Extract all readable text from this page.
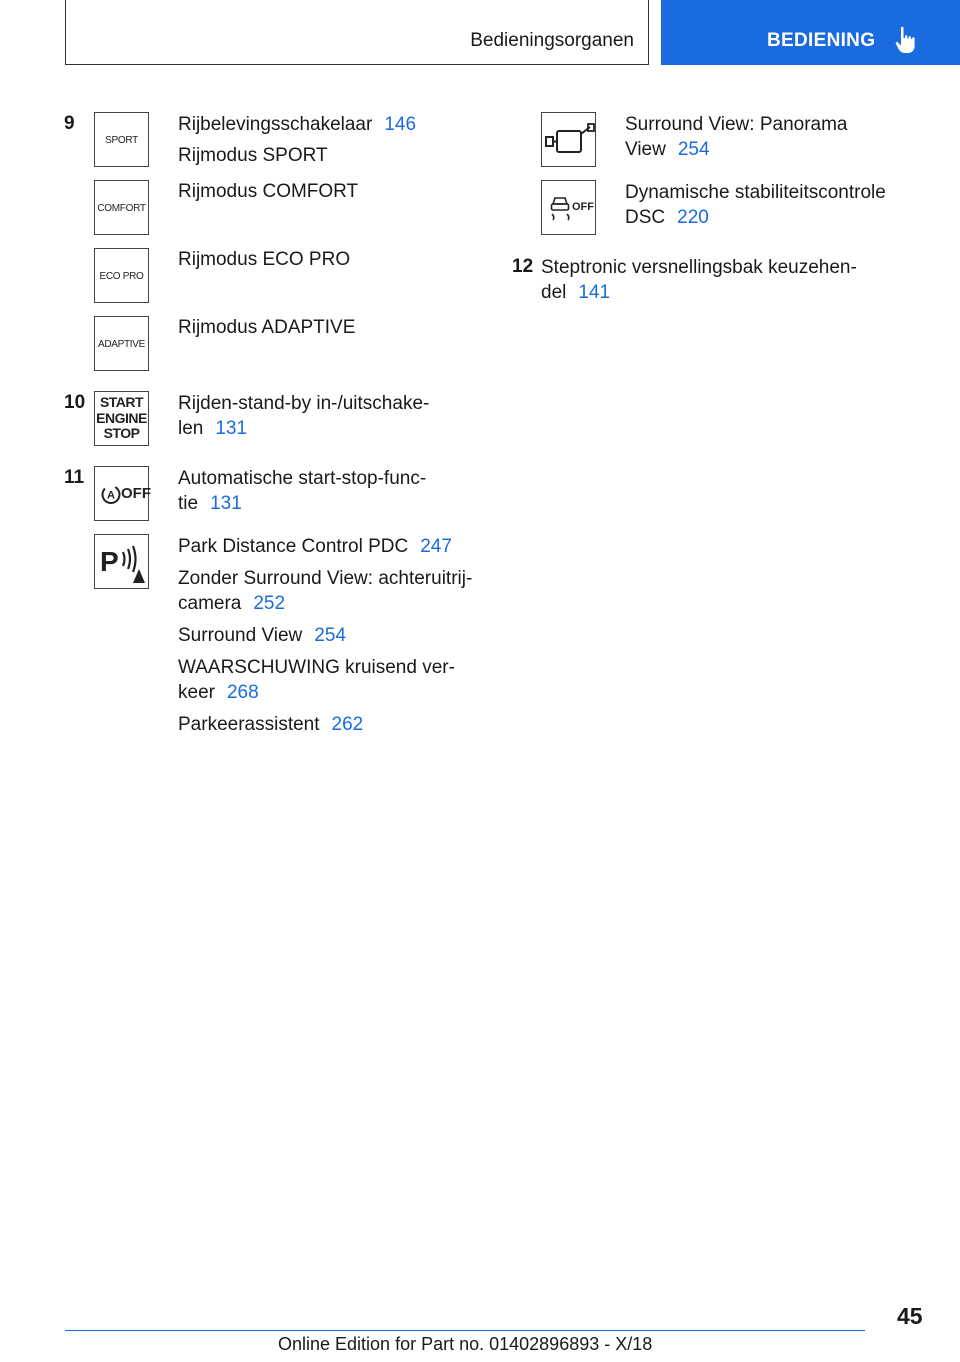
Bedieningsorganen	BEDIENING
9
SPORT
COMFORT
ECO PRO
ADAPTIVE
Rijbelevingsschakelaar 146
Rijmodus SPORT
Rijmodus COMFORT
Rijmodus ECO PRO
Rijmodus ADAPTIVE
10	START
ENGINE
STOP
Rijden-stand-by in-/uitschake-
len 131
11
A OFF
P
Automatische start-stop-func-
tie 131
Park Distance Control PDC 247
Zonder Surround View: achteruitrij-
camera 252
Surround View 254
WAARSCHUWING kruisend ver-
keer 268
Parkeerassistent 262
OFF
Surround View: Panorama
View 254
Dynamische stabiliteitscontrole
DSC 220
12 Steptronic versnellingsbak keuzehen-
del 141
45
Online Edition for Part no. 01402896893 - X/18
